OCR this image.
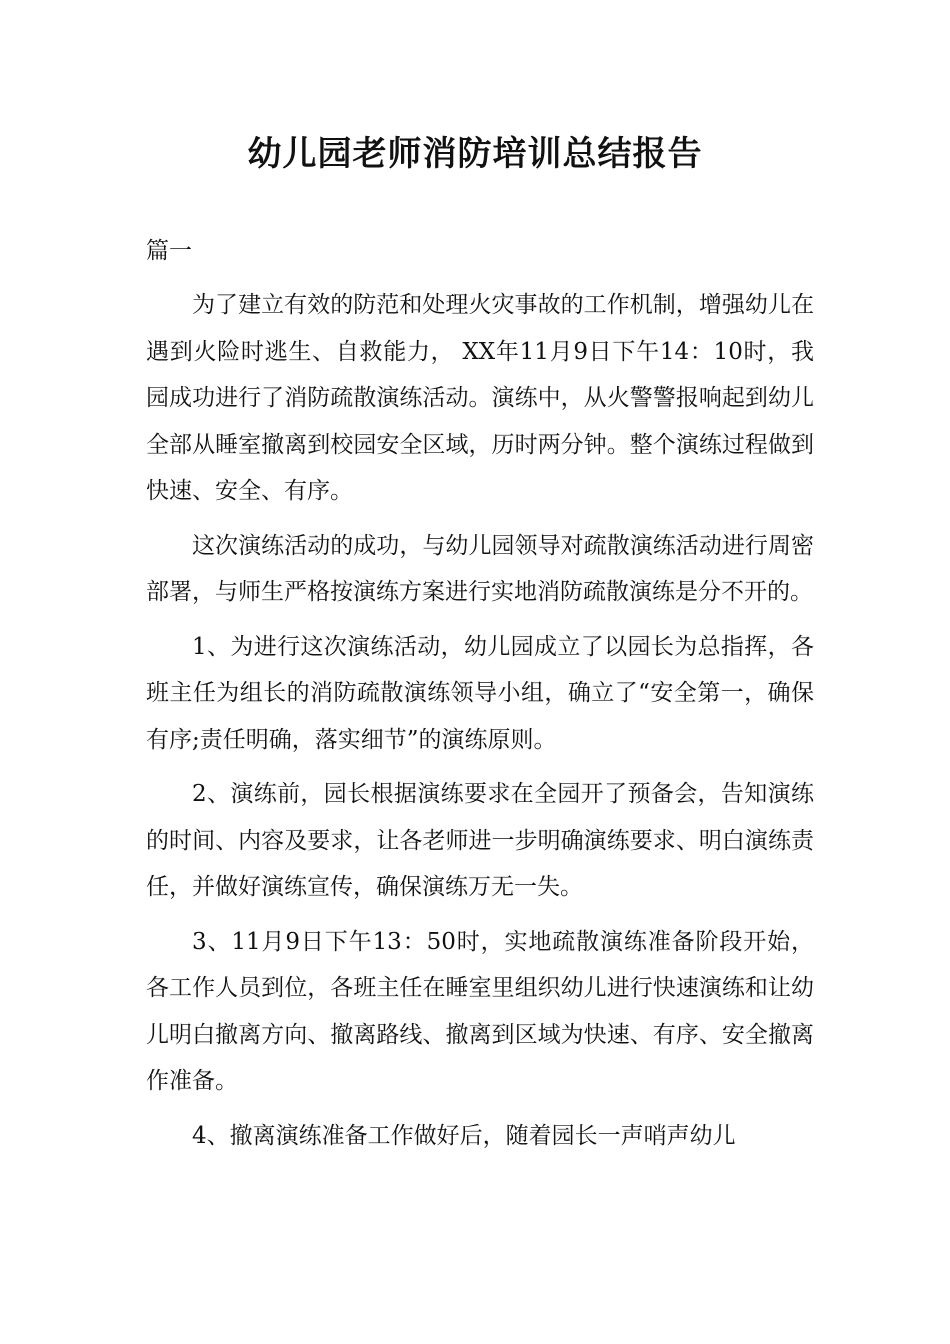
幼儿园老师消防培训总结报告

篇一

为了建立有效的防范和处理火灾事故的工作机制，增强幼儿在遇到火险时逃生、自救能力， XX年11月9日下午14：10时，我园成功进行了消防疏散演练活动。演练中，从火警警报响起到幼儿全部从睡室撤离到校园安全区域，历时两分钟。整个演练过程做到快速、安全、有序。

这次演练活动的成功，与幼儿园领导对疏散演练活动进行周密部署，与师生严格按演练方案进行实地消防疏散演练是分不开的。

1、为进行这次演练活动，幼儿园成立了以园长为总指挥，各班主任为组长的消防疏散演练领导小组，确立了“安全第一，确保有序;责任明确，落实细节”的演练原则。

2、演练前，园长根据演练要求在全园开了预备会，告知演练的时间、内容及要求，让各老师进一步明确演练要求、明白演练责任，并做好演练宣传，确保演练万无一失。

3、11月9日下午13：50时，实地疏散演练准备阶段开始，各工作人员到位，各班主任在睡室里组织幼儿进行快速演练和让幼儿明白撤离方向、撤离路线、撤离到区域为快速、有序、安全撤离作准备。

4、撤离演练准备工作做好后，随着园长一声哨声幼儿
